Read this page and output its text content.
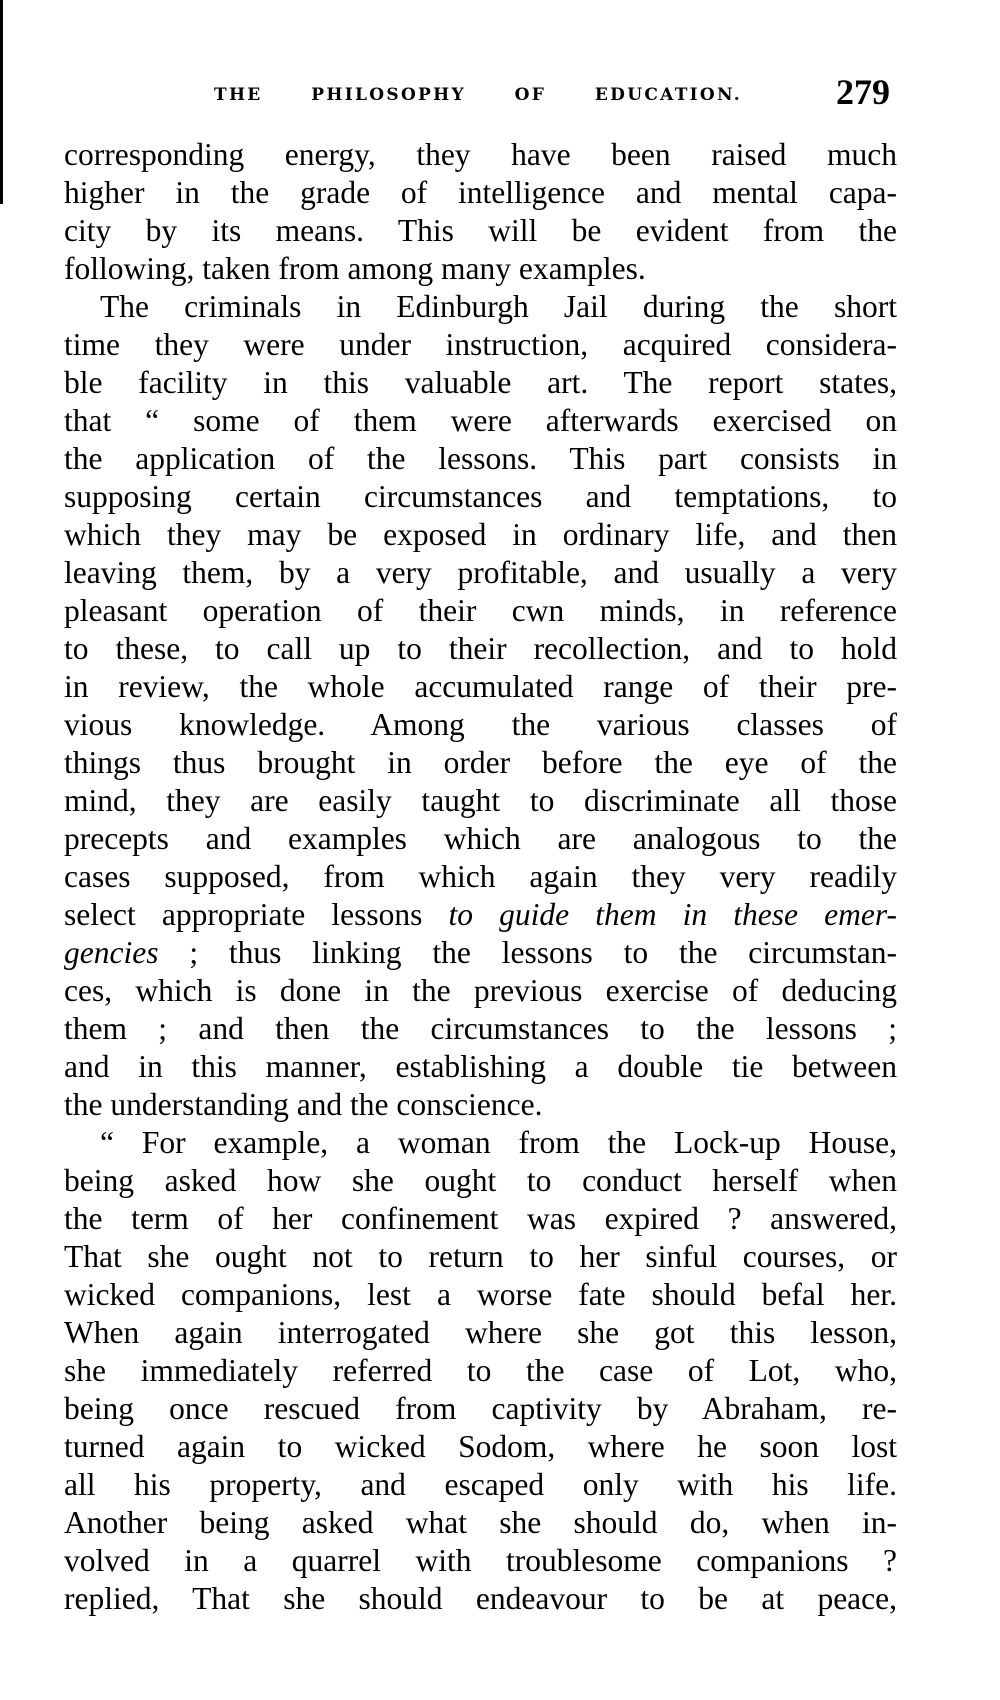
THE PHILOSOPHY OF EDUCATION.	279
corresponding energy, they have been raised much
higher in the grade of intelligence and mental capa-
city by its means. This will be evident from the
following, taken from among many examples.
The criminals in Edinburgh Jail during the short
time they were under instruction, acquired considera-
ble facility in this valuable art. The report states,
that “ some of them were afterwards exercised on
the application of the lessons. This part consists in
supposing certain circumstances and temptations, to
which they may be exposed in ordinary life, and then
leaving them, by a very profitable, and usually a very
pleasant operation of their cwn minds, in reference
to these, to call up to their recollection, and to hold
in review, the whole accumulated range of their pre-
vious knowledge. Among the various classes of
things thus brought in order before the eye of the
mind, they are easily taught to discriminate all those
precepts and examples which are analogous to the
cases supposed, from which again they very readily
select appropriate lessons to guide them in these emer-
gencies ; thus linking the lessons to the circumstan-
ces, which is done in the previous exercise of deducing
them ; and then the circumstances to the lessons ;
and in this manner, establishing a double tie between
the understanding and the conscience.
“ For example, a woman from the Lock-up House,
being asked how she ought to conduct herself when
the term of her confinement was expired ? answered,
That she ought not to return to her sinful courses, or
wicked companions, lest a worse fate should befal her.
When again interrogated where she got this lesson,
she immediately referred to the case of Lot, who,
being once rescued from captivity by Abraham, re-
turned again to wicked Sodom, where he soon lost
all his property, and escaped only with his life.
Another being asked what she should do, when in-
volved in a quarrel with troublesome companions ?
replied, That she should endeavour to be at peace,
